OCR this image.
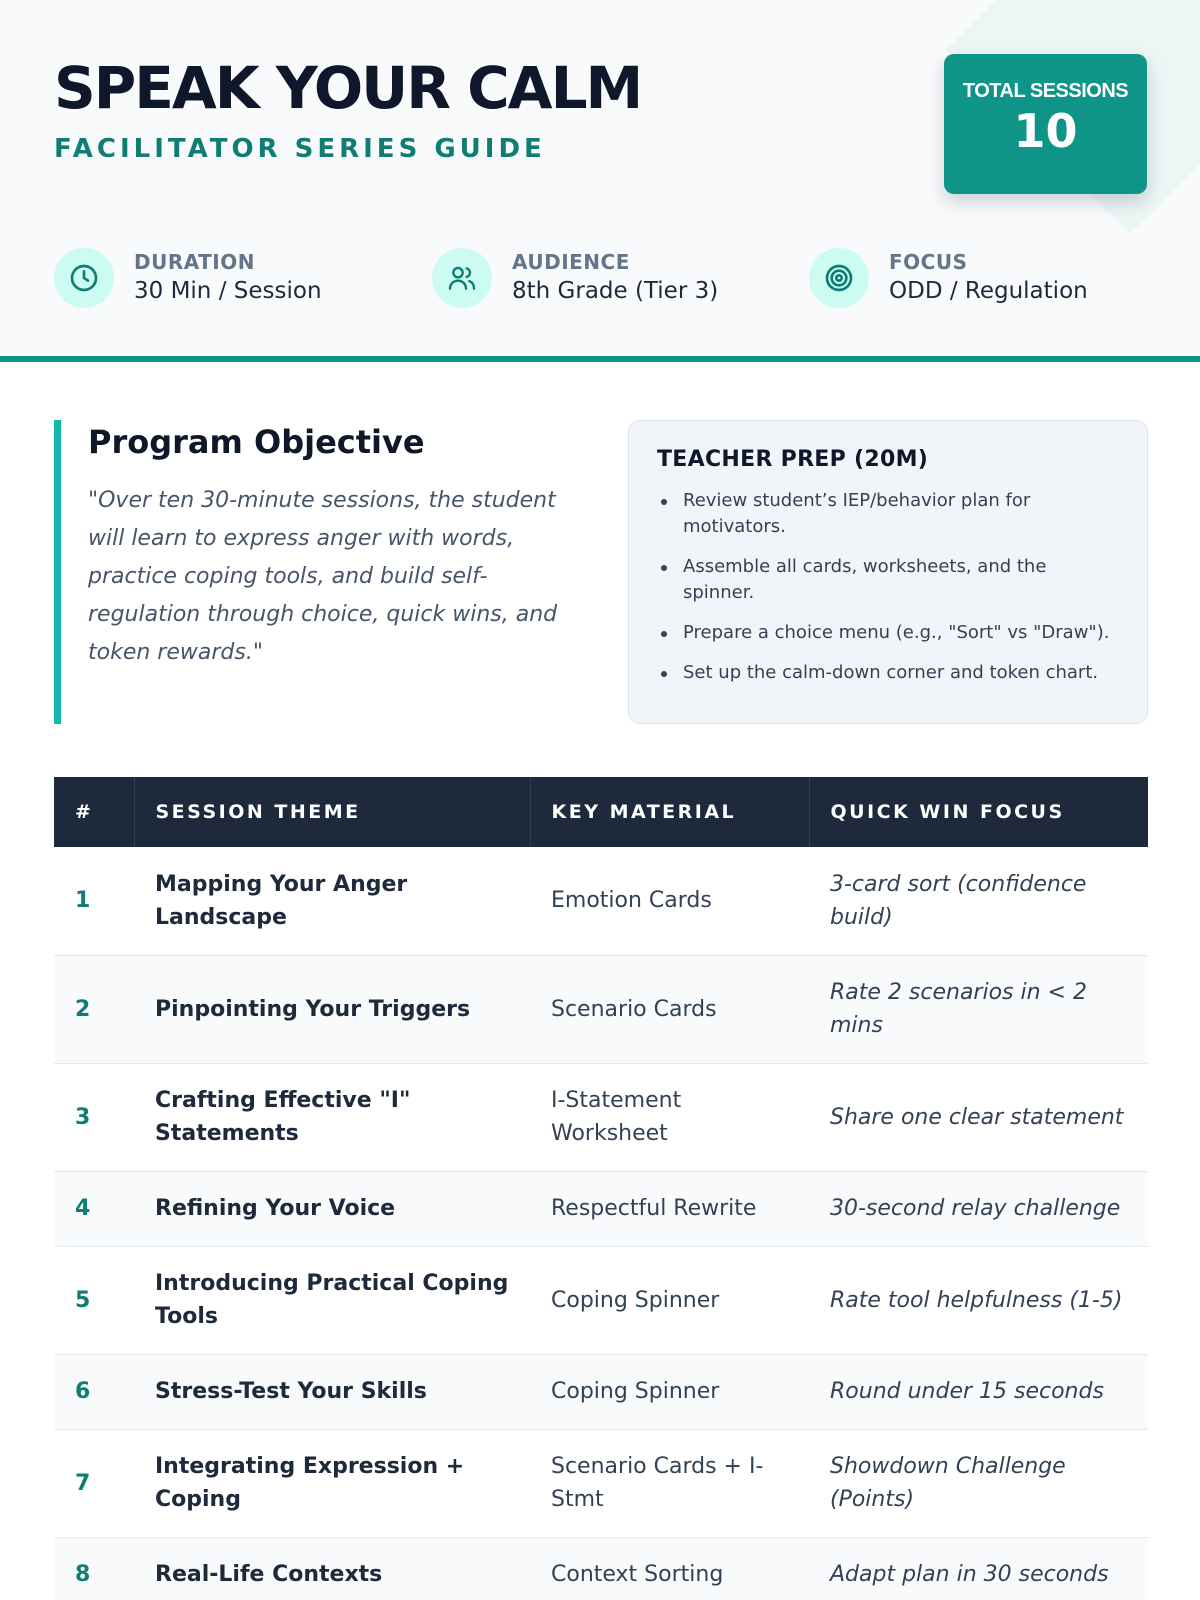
SPEAK YOUR CALM
FACILITATOR SERIES GUIDE
TOTAL SESSIONS
10
DURATION
30 Min / Session
AUDIENCE
8th Grade (Tier 3)
FOCUS
ODD / Regulation
Program Objective
"Over ten 30-minute sessions, the student will learn to express anger with words, practice coping tools, and build self-regulation through choice, quick wins, and token rewards."
TEACHER PREP (20M)
Review student’s IEP/behavior plan for motivators.
Assemble all cards, worksheets, and the spinner.
Prepare a choice menu (e.g., "Sort" vs "Draw").
Set up the calm-down corner and token chart.
#	SESSION THEME	KEY MATERIAL	QUICK WIN FOCUS
1	Mapping Your Anger Landscape	Emotion Cards	3-card sort (confidence build)
2	Pinpointing Your Triggers	Scenario Cards	Rate 2 scenarios in < 2 mins
3	Crafting Effective "I" Statements	I-Statement Worksheet	Share one clear statement
4	Refining Your Voice	Respectful Rewrite	30-second relay challenge
5	Introducing Practical Coping Tools	Coping Spinner	Rate tool helpfulness (1-5)
6	Stress-Test Your Skills	Coping Spinner	Round under 15 seconds
7	Integrating Expression + Coping	Scenario Cards + I-Stmt	Showdown Challenge (Points)
8	Real-Life Contexts	Context Sorting	Adapt plan in 30 seconds
